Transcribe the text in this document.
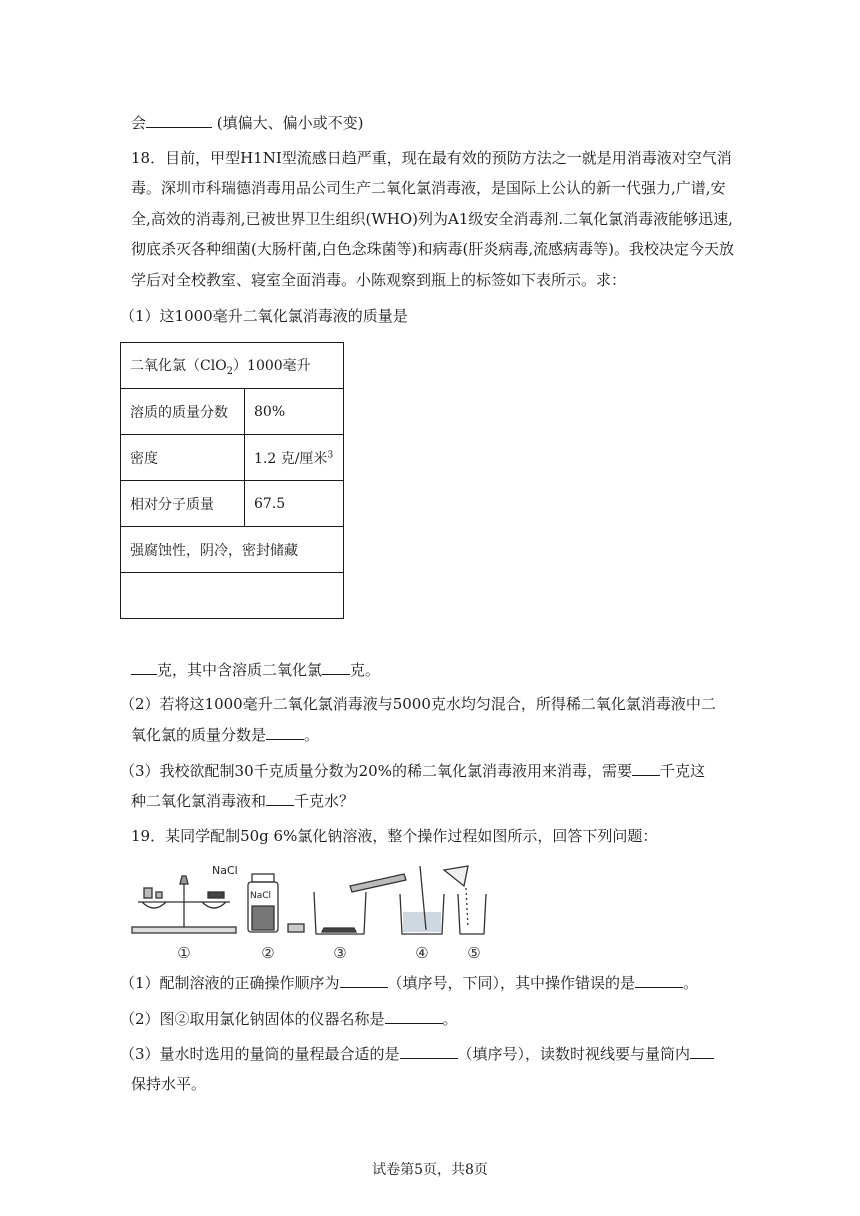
会	(填偏大、偏小或不变)
18．目前，甲型H1NI型流感日趋严重，现在最有效的预防方法之一就是用消毒液对空气消
毒。深圳市科瑞德消毒用品公司生产二氧化氯消毒液，是国际上公认的新一代强力,广谱,安
全,高效的消毒剂,已被世界卫生组织(WHO)列为A1级安全消毒剂.二氧化氯消毒液能够迅速,
彻底杀灭各种细菌(大肠杆菌,白色念珠菌等)和病毒(肝炎病毒,流感病毒等)。我校决定今天放
学后对全校教室、寝室全面消毒。小陈观察到瓶上的标签如下表所示。求：
（1）这1000毫升二氧化氯消毒液的质量是
二氧化氯（ClO$_2$）1000毫升	
溶质的质量分数	80%
密度	1.2 克/厘米$^3$
相对分子质量	67.5
强腐蚀性，阴冷，密封储藏	

克，其中含溶质二氧化氯 克。
（2）若将这1000毫升二氧化氯消毒液与5000克水均匀混合，所得稀二氧化氯消毒液中二
氧化氯的质量分数是	。
（3）我校欲配制30千克质量分数为20%的稀二氧化氯消毒液用来消毒，需要 千克这
种二氧化氯消毒液和 千克水？
19．某同学配制50g 6%氯化钠溶液，整个操作过程如图所示，回答下列问题：
NaCl
NaCl
①	②	③	④	⑤
（1）配制溶液的正确操作顺序为	（填序号，下同），其中操作错误的是	。
（2）图②取用氯化钠固体的仪器名称是	。
（3）量水时选用的量筒的量程最合适的是	（填序号），读数时视线要与量筒内
保持水平。
试卷第5页，共8页
